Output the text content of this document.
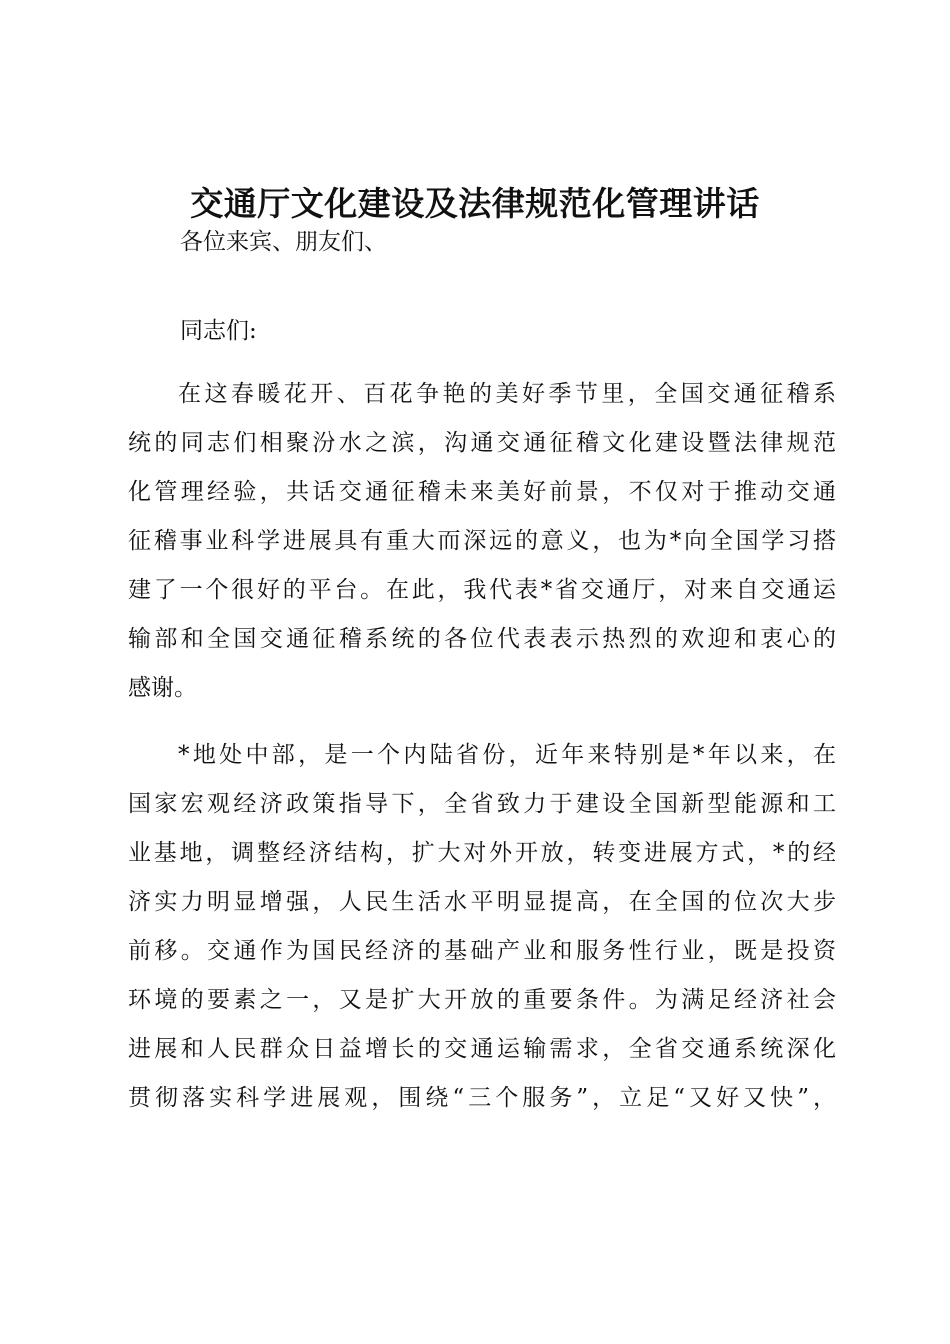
交通厅文化建设及法律规范化管理讲话

各位来宾、朋友们、

同志们:

在这春暖花开、百花争艳的美好季节里，全国交通征稽系
统的同志们相聚汾水之滨，沟通交通征稽文化建设暨法律规范
化管理经验，共话交通征稽未来美好前景，不仅对于推动交通
征稽事业科学进展具有重大而深远的意义，也为*向全国学习搭
建了一个很好的平台。在此，我代表*省交通厅，对来自交通运
输部和全国交通征稽系统的各位代表表示热烈的欢迎和衷心的
感谢。
*地处中部，是一个内陆省份，近年来特别是*年以来，在
国家宏观经济政策指导下，全省致力于建设全国新型能源和工
业基地，调整经济结构，扩大对外开放，转变进展方式，*的经
济实力明显增强，人民生活水平明显提高，在全国的位次大步
前移。交通作为国民经济的基础产业和服务性行业，既是投资
环境的要素之一，又是扩大开放的重要条件。为满足经济社会
进展和人民群众日益增长的交通运输需求，全省交通系统深化
贯彻落实科学进展观，围绕“三个服务”，立足“又好又快”，
